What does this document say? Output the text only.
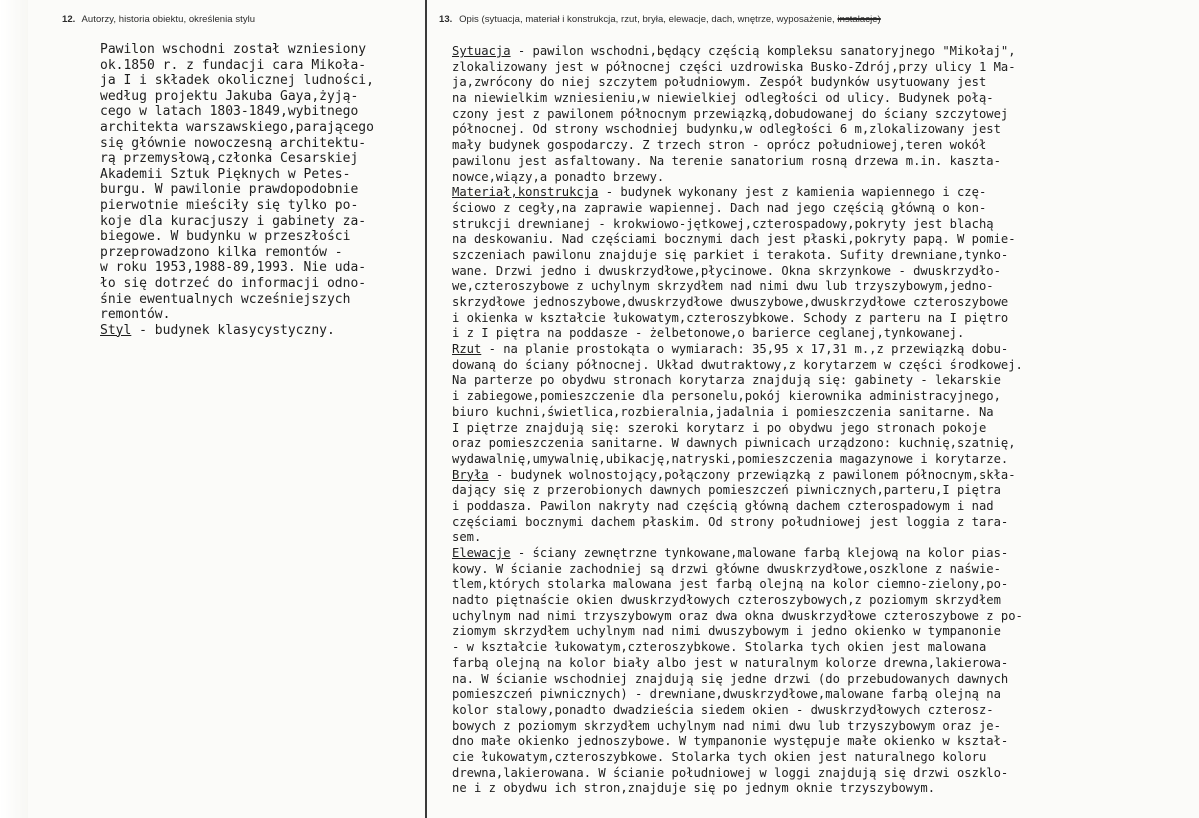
12. Autorzy, historia obiektu, określenia stylu	13. Opis (sytuacja, materiał i konstrukcja, rzut, bryła, elewacje, dach, wnętrze, wyposażenie, instalacje)
Pawilon wschodni został wzniesiony
ok.1850 r. z fundacji cara Mikoła-
ja I i składek okolicznej ludności,
według projektu Jakuba Gaya,żyją-
cego w latach 1803-1849,wybitnego
architekta warszawskiego,parającego
się głównie nowoczesną architektu-
rą przemysłową,członka Cesarskiej
Akademii Sztuk Pięknych w Petes-
burgu. W pawilonie prawdopodobnie
pierwotnie mieściły się tylko po-
koje dla kuracjuszy i gabinety za-
biegowe. W budynku w przeszłości
przeprowadzono kilka remontów -
w roku 1953,1988-89,1993. Nie uda-
ło się dotrzeć do informacji odno-
śnie ewentualnych wcześniejszych
remontów.
Styl - budynek klasycystyczny.
Sytuacja - pawilon wschodni,będący częścią kompleksu sanatoryjnego "Mikołaj",
zlokalizowany jest w północnej części uzdrowiska Busko-Zdrój,przy ulicy 1 Ma-
ja,zwrócony do niej szczytem południowym. Zespół budynków usytuowany jest
na niewielkim wzniesieniu,w niewielkiej odległości od ulicy. Budynek połą-
czony jest z pawilonem północnym przewiązką,dobudowanej do ściany szczytowej
północnej. Od strony wschodniej budynku,w odległości 6 m,zlokalizowany jest
mały budynek gospodarczy. Z trzech stron - oprócz południowej,teren wokół
pawilonu jest asfaltowany. Na terenie sanatorium rosną drzewa m.in. kaszta-
nowce,wiązy,a ponadto brzewy.
Materiał,konstrukcja - budynek wykonany jest z kamienia wapiennego i czę-
ściowo z cegły,na zaprawie wapiennej. Dach nad jego częścią główną o kon-
strukcji drewnianej - krokwiowo-jętkowej,czterospadowy,pokryty jest blachą
na deskowaniu. Nad częściami bocznymi dach jest płaski,pokryty papą. W pomie-
szczeniach pawilonu znajduje się parkiet i terakota. Sufity drewniane,tynko-
wane. Drzwi jedno i dwuskrzydłowe,płycinowe. Okna skrzynkowe - dwuskrzydło-
we,czteroszybowe z uchylnym skrzydłem nad nimi dwu lub trzyszybowym,jedno-
skrzydłowe jednoszybowe,dwuskrzydłowe dwuszybowe,dwuskrzydłowe czteroszybowe
i okienka w kształcie łukowatym,czteroszybkowe. Schody z parteru na I piętro
i z I piętra na poddasze - żelbetonowe,o barierce ceglanej,tynkowanej.
Rzut - na planie prostokąta o wymiarach: 35,95 x 17,31 m.,z przewiązką dobu-
dowaną do ściany północnej. Układ dwutraktowy,z korytarzem w części środkowej.
Na parterze po obydwu stronach korytarza znajdują się: gabinety - lekarskie
i zabiegowe,pomieszczenie dla personelu,pokój kierownika administracyjnego,
biuro kuchni,świetlica,rozbieralnia,jadalnia i pomieszczenia sanitarne. Na
I piętrze znajdują się: szeroki korytarz i po obydwu jego stronach pokoje
oraz pomieszczenia sanitarne. W dawnych piwnicach urządzono: kuchnię,szatnię,
wydawalnię,umywalnię,ubikację,natryski,pomieszczenia magazynowe i korytarze.
Bryła - budynek wolnostojący,połączony przewiązką z pawilonem północnym,skła-
dający się z przerobionych dawnych pomieszczeń piwnicznych,parteru,I piętra
i poddasza. Pawilon nakryty nad częścią główną dachem czterospadowym i nad
częściami bocznymi dachem płaskim. Od strony południowej jest loggia z tara-
sem.
Elewacje - ściany zewnętrzne tynkowane,malowane farbą klejową na kolor pias-
kowy. W ścianie zachodniej są drzwi główne dwuskrzydłowe,oszklone z naświe-
tlem,których stolarka malowana jest farbą olejną na kolor ciemno-zielony,po-
nadto piętnaście okien dwuskrzydłowych czteroszybowych,z poziomym skrzydłem
uchylnym nad nimi trzyszybowym oraz dwa okna dwuskrzydłowe czteroszybowe z po-
ziomym skrzydłem uchylnym nad nimi dwuszybowym i jedno okienko w tympanonie
- w kształcie łukowatym,czteroszybkowe. Stolarka tych okien jest malowana
farbą olejną na kolor biały albo jest w naturalnym kolorze drewna,lakierowa-
na. W ścianie wschodniej znajdują się jedne drzwi (do przebudowanych dawnych
pomieszczeń piwnicznych) - drewniane,dwuskrzydłowe,malowane farbą olejną na
kolor stalowy,ponadto dwadzieścia siedem okien - dwuskrzydłowych czterosz-
bowych z poziomym skrzydłem uchylnym nad nimi dwu lub trzyszybowym oraz je-
dno małe okienko jednoszybowe. W tympanonie występuje małe okienko w kształ-
cie łukowatym,czteroszybkowe. Stolarka tych okien jest naturalnego koloru
drewna,lakierowana. W ścianie południowej w loggi znajdują się drzwi oszklo-
ne i z obydwu ich stron,znajduje się po jednym oknie trzyszybowym.
